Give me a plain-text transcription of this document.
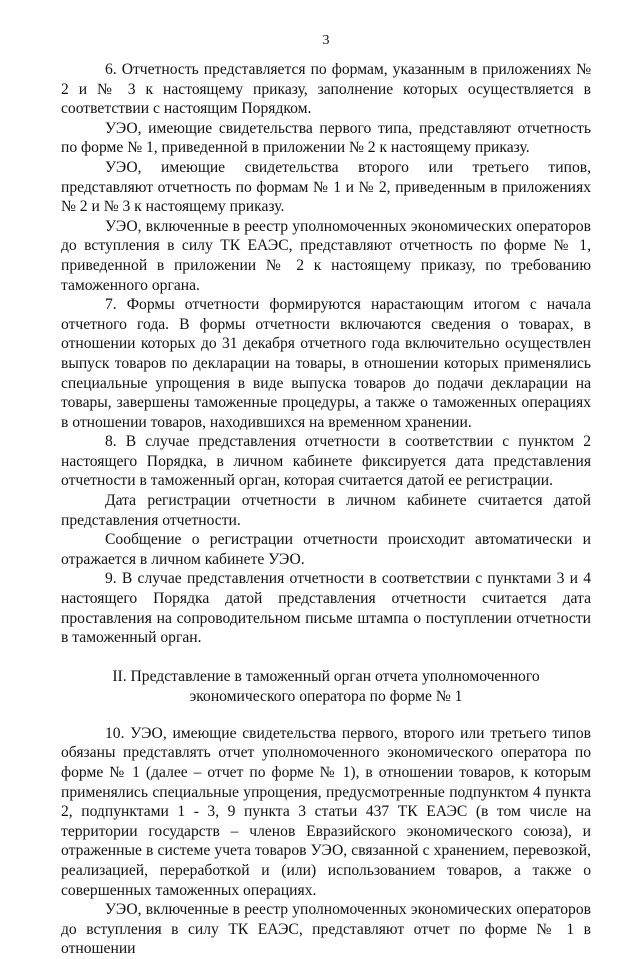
3

6. Отчетность представляется по формам, указанным в приложениях № 2 и № 3 к настоящему приказу, заполнение которых осуществляется в соответствии с настоящим Порядком.

УЭО, имеющие свидетельства первого типа, представляют отчетность по форме № 1, приведенной в приложении № 2 к настоящему приказу.

УЭО, имеющие свидетельства второго или третьего типов, представляют отчетность по формам № 1 и № 2, приведенным в приложениях № 2 и № 3 к настоящему приказу.

УЭО, включенные в реестр уполномоченных экономических операторов до вступления в силу ТК ЕАЭС, представляют отчетность по форме № 1, приведенной в приложении № 2 к настоящему приказу, по требованию таможенного органа.

7. Формы отчетности формируются нарастающим итогом с начала отчетного года. В формы отчетности включаются сведения о товарах, в отношении которых до 31 декабря отчетного года включительно осуществлен выпуск товаров по декларации на товары, в отношении которых применялись специальные упрощения в виде выпуска товаров до подачи декларации на товары, завершены таможенные процедуры, а также о таможенных операциях в отношении товаров, находившихся на временном хранении.

8. В случае представления отчетности в соответствии с пунктом 2 настоящего Порядка, в личном кабинете фиксируется дата представления отчетности в таможенный орган, которая считается датой ее регистрации.

Дата регистрации отчетности в личном кабинете считается датой представления отчетности.

Сообщение о регистрации отчетности происходит автоматически и отражается в личном кабинете УЭО.

9. В случае представления отчетности в соответствии с пунктами 3 и 4 настоящего Порядка датой представления отчетности считается дата проставления на сопроводительном письме штампа о поступлении отчетности в таможенный орган.

II. Представление в таможенный орган отчета уполномоченного
экономического оператора по форме № 1

10. УЭО, имеющие свидетельства первого, второго или третьего типов обязаны представлять отчет уполномоченного экономического оператора по форме № 1 (далее – отчет по форме № 1), в отношении товаров, к которым применялись специальные упрощения, предусмотренные подпунктом 4 пункта 2, подпунктами 1 - 3, 9 пункта 3 статьи 437 ТК ЕАЭС (в том числе на территории государств – членов Евразийского экономического союза), и отраженные в системе учета товаров УЭО, связанной с хранением, перевозкой, реализацией, переработкой и (или) использованием товаров, а также о совершенных таможенных операциях.

УЭО, включенные в реестр уполномоченных экономических операторов до вступления в силу ТК ЕАЭС, представляют отчет по форме № 1 в отношении
